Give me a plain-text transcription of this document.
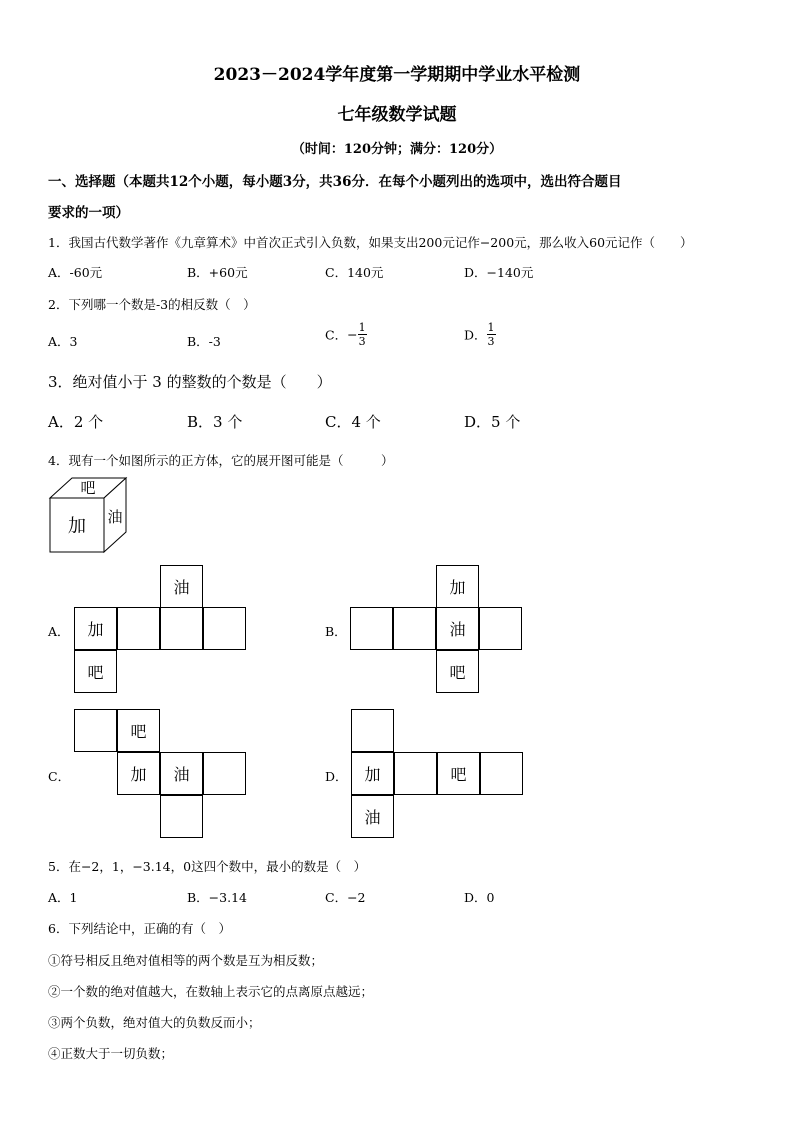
2023－2024学年度第一学期期中学业水平检测
七年级数学试题
（时间：120分钟；满分：120分）
一、选择题（本题共12个小题，每小题3分，共36分．在每个小题列出的选项中，选出符合题目
要求的一项）
1．我国古代数学著作《九章算术》中首次正式引入负数，如果支出200元记作−200元，那么收入60元记作（　　）
A．-60元	B．+60元	C．140元	D．−140元
2．下列哪一个数是-3的相反数（　）
A．3	B．-3	C．− $\frac{1}{3}$	D． $\frac{1}{3}$
3．绝对值小于 3 的整数的个数是（　　）
A．2 个	B．3 个	C．4 个	D．5 个
4．现有一个如图所示的正方体，它的展开图可能是（　　　）
吧
加 油
A．
油
加
吧
B．
加
油
吧
C．
吧
加	油	D．	加	吧
油
5．在−2，1，−3.14，0这四个数中，最小的数是（　）
A．1	B．−3.14	C．−2	D．0
6．下列结论中，正确的有（　）
①符号相反且绝对值相等的两个数是互为相反数；
②一个数的绝对值越大，在数轴上表示它的点离原点越远；
③两个负数，绝对值大的负数反而小；
④正数大于一切负数；
